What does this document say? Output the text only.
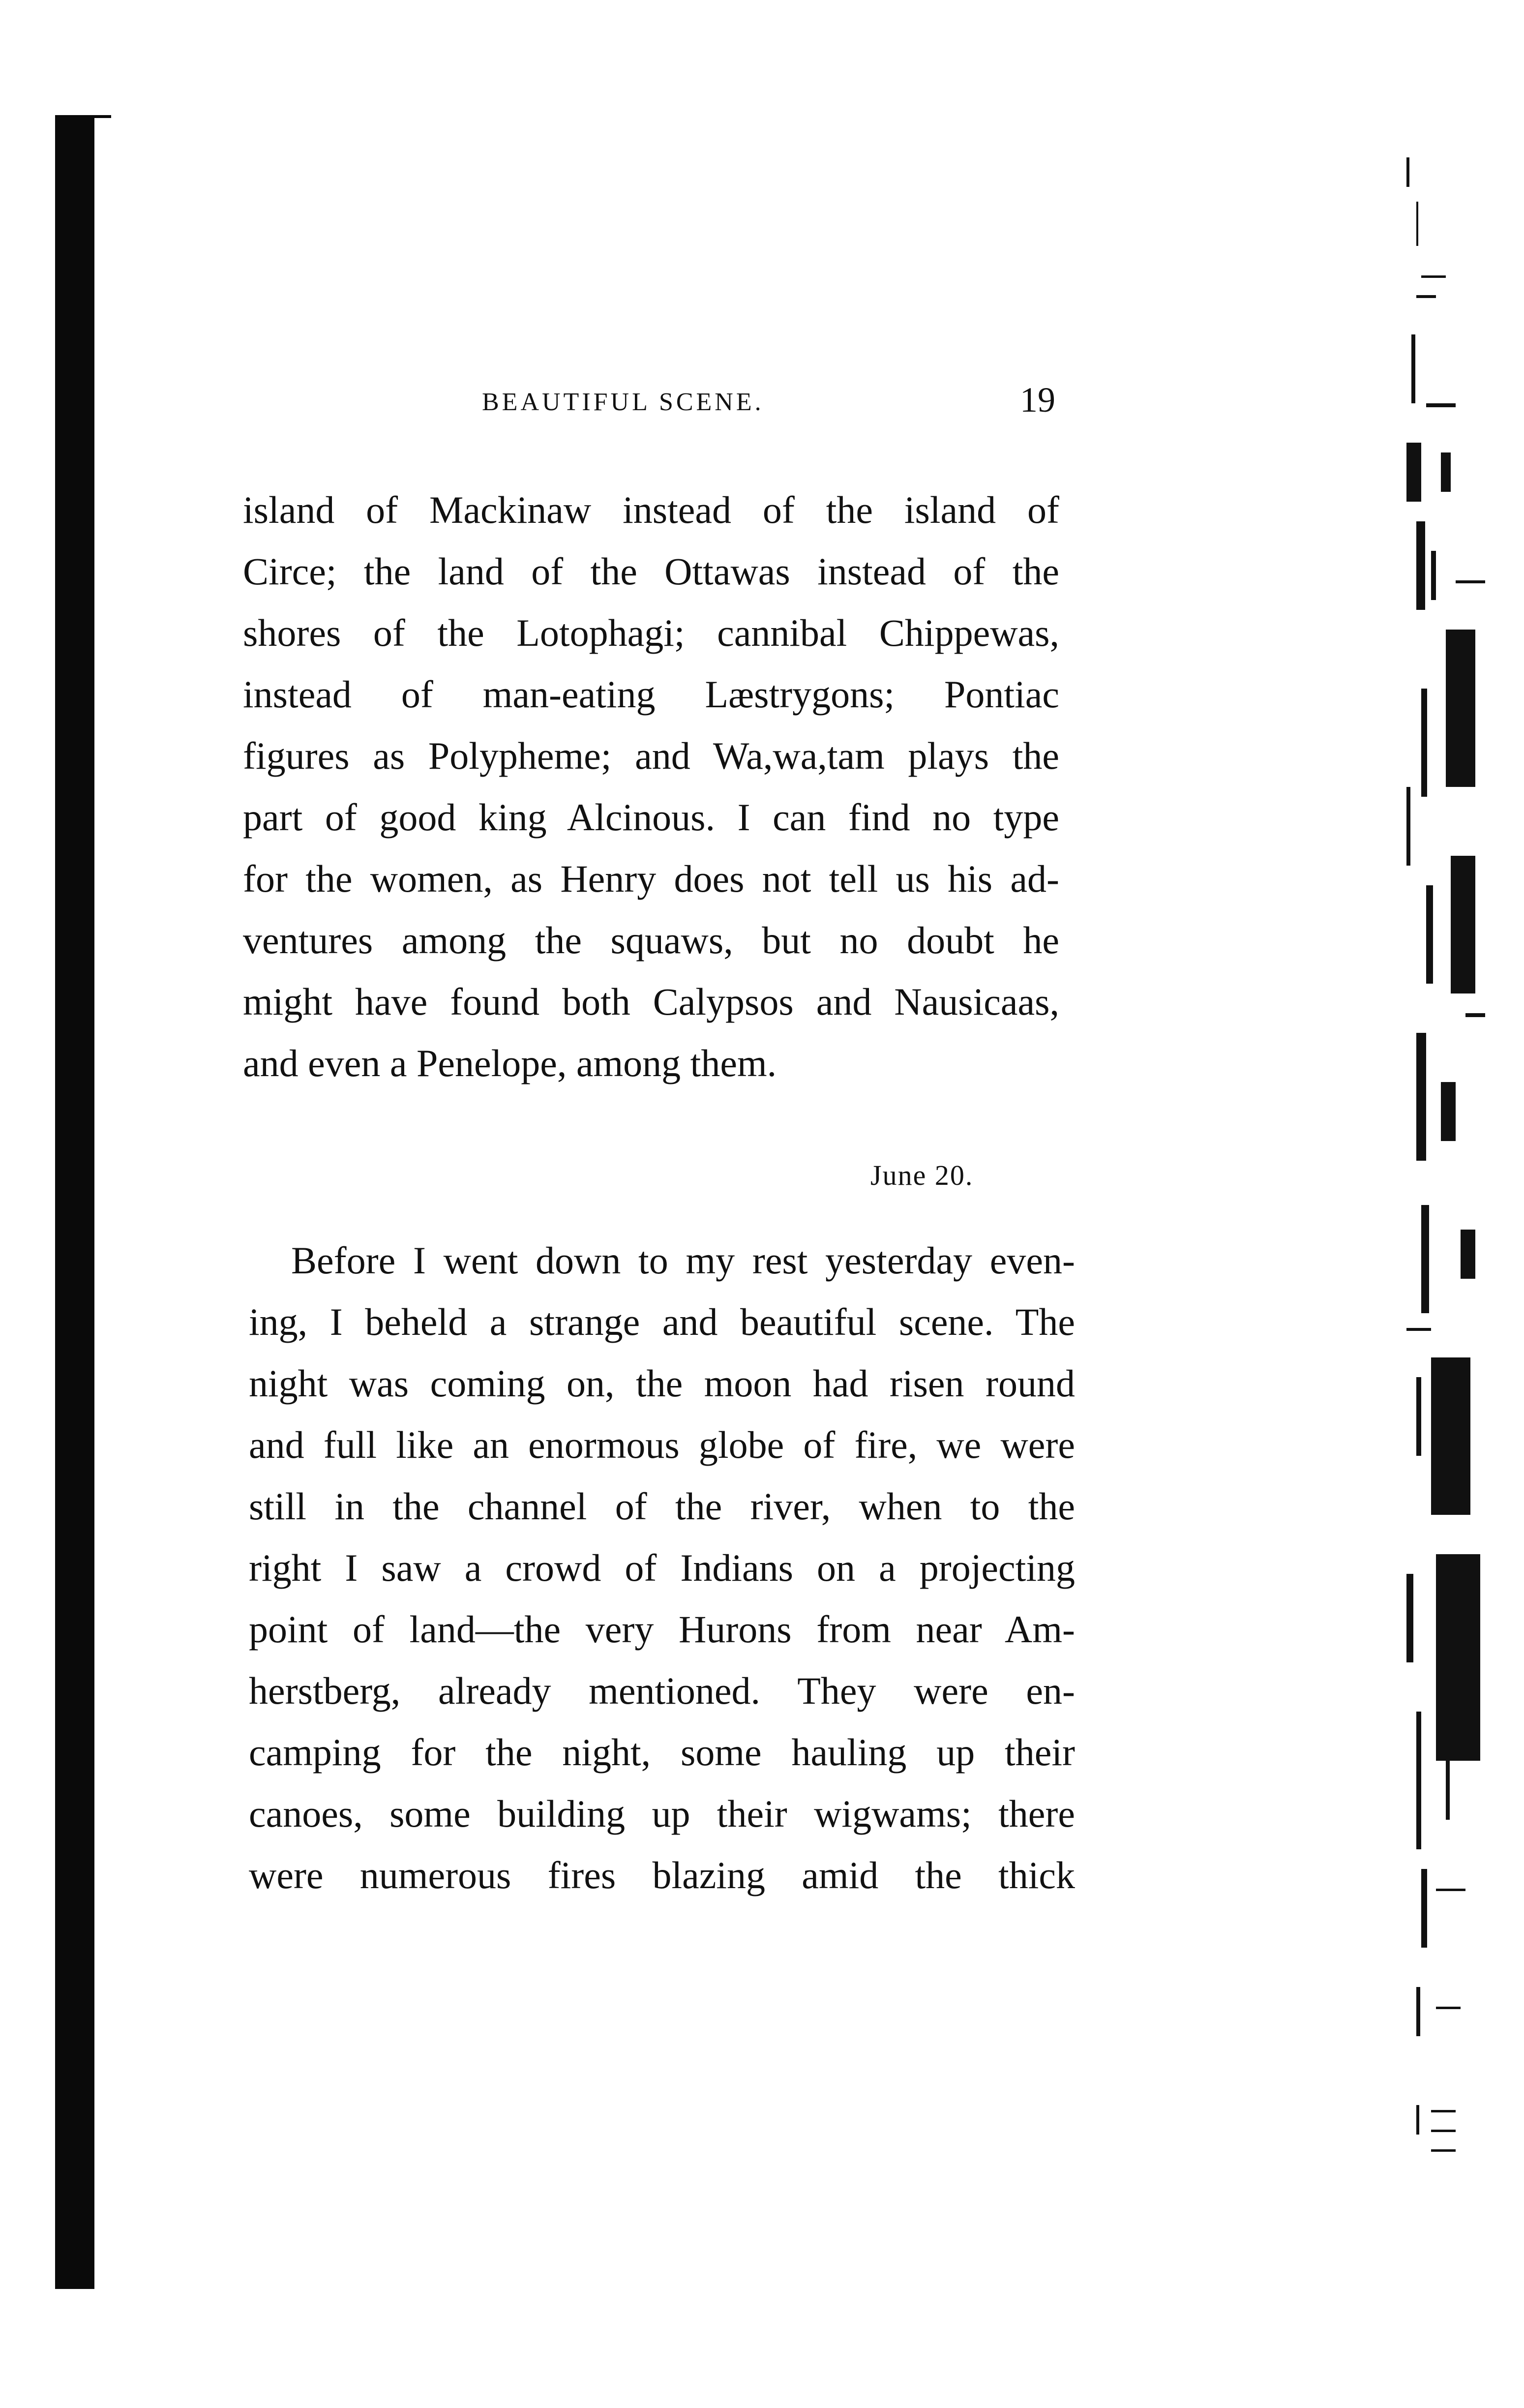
BEAUTIFUL SCENE.	19

island of Mackinaw instead of the island of
Circe; the land of the Ottawas instead of the
shores of the Lotophagi; cannibal Chippewas,
instead of man-eating Læstrygons; Pontiac
figures as Polypheme; and Wa,wa,tam plays the
part of good king Alcinous. I can find no type
for the women, as Henry does not tell us his ad-
ventures among the squaws, but no doubt he
might have found both Calypsos and Nausicaas,
and even a Penelope, among them.

June 20.

Before I went down to my rest yesterday even-
ing, I beheld a strange and beautiful scene. The
night was coming on, the moon had risen round
and full like an enormous globe of fire, we were
still in the channel of the river, when to the
right I saw a crowd of Indians on a projecting
point of land—the very Hurons from near Am-
herstberg, already mentioned. They were en-
camping for the night, some hauling up their
canoes, some building up their wigwams; there
were numerous fires blazing amid the thick
